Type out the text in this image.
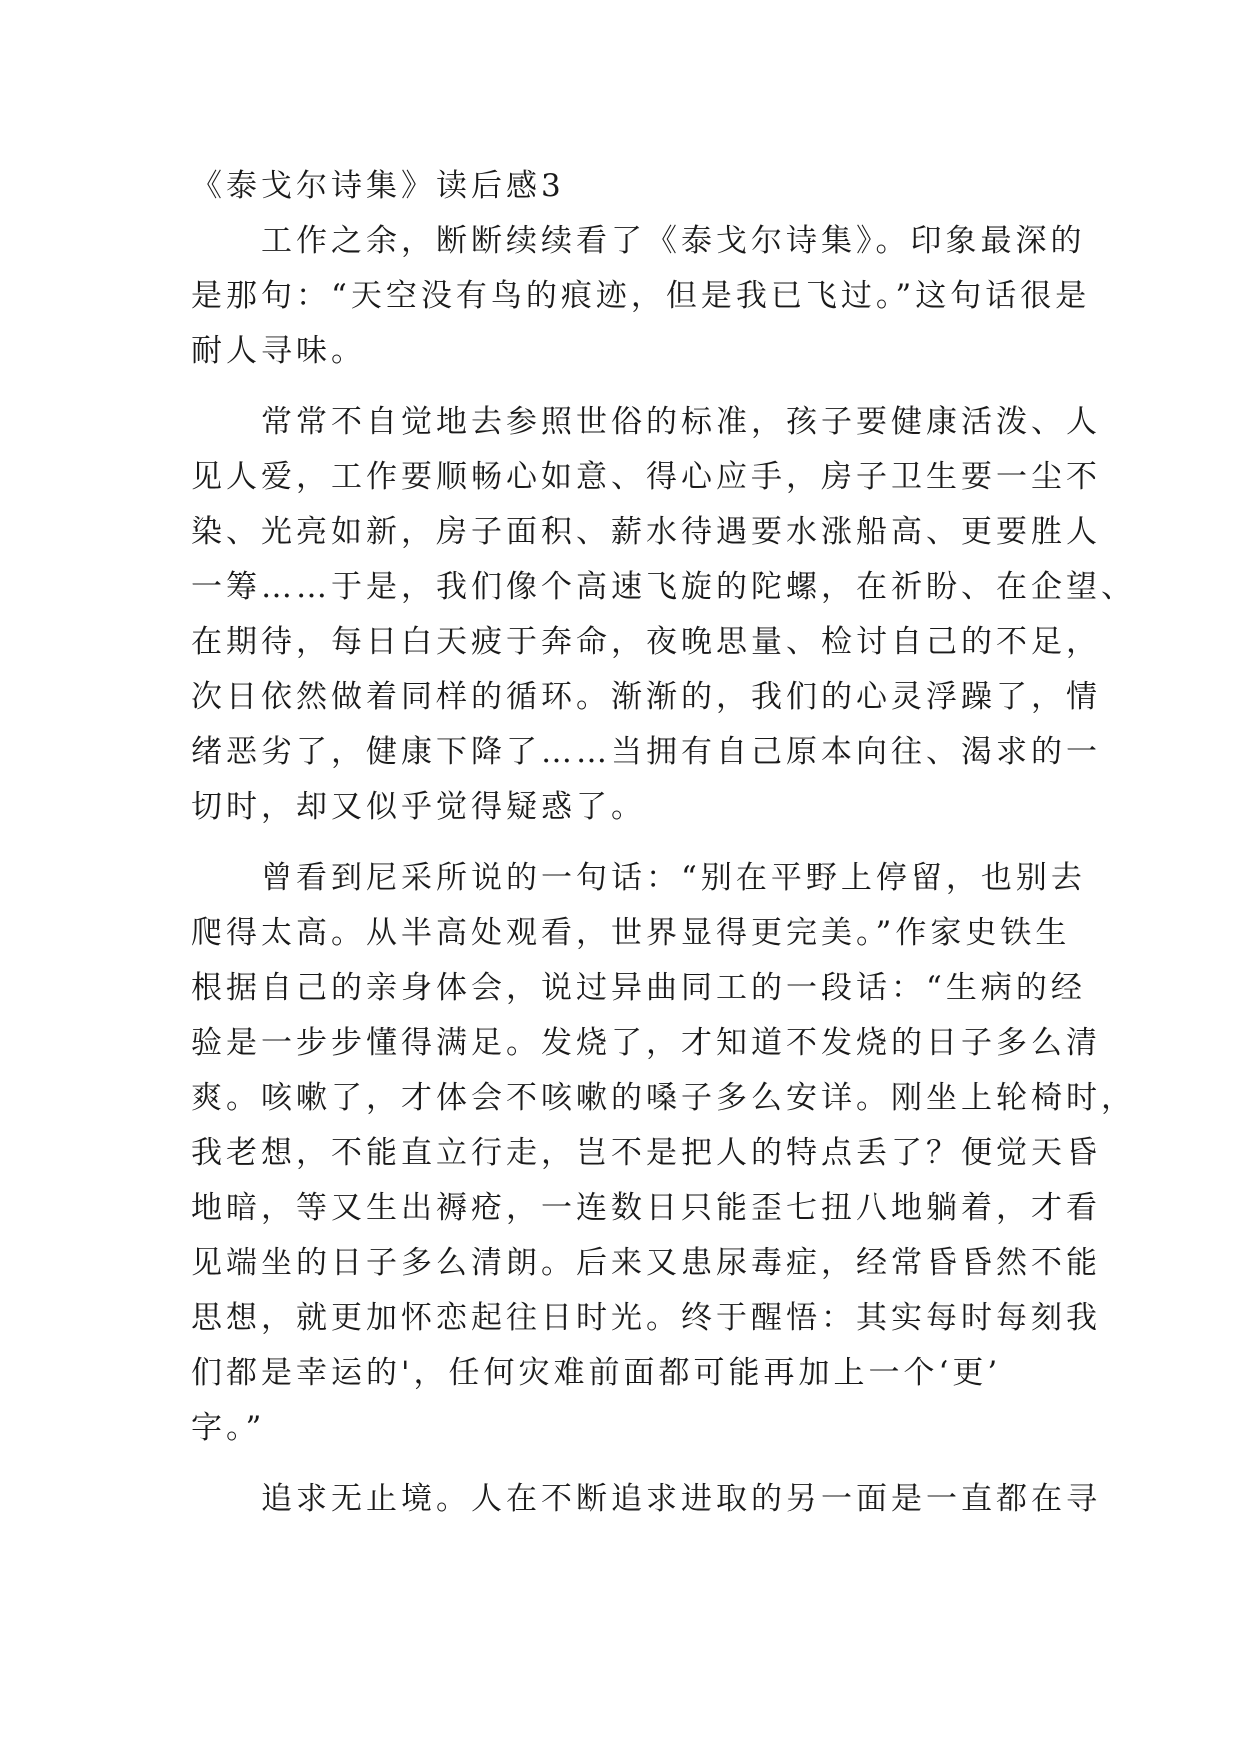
《泰戈尔诗集》读后感3
　　工作之余，断断续续看了《泰戈尔诗集》。印象最深的
是那句：“天空没有鸟的痕迹，但是我已飞过。”这句话很是
耐人寻味。
　　常常不自觉地去参照世俗的标准，孩子要健康活泼、人
见人爱，工作要顺畅心如意、得心应手，房子卫生要一尘不
染、光亮如新，房子面积、薪水待遇要水涨船高、更要胜人
一筹……于是，我们像个高速飞旋的陀螺，在祈盼、在企望、
在期待，每日白天疲于奔命，夜晚思量、检讨自己的不足，
次日依然做着同样的循环。渐渐的，我们的心灵浮躁了，情
绪恶劣了，健康下降了……当拥有自己原本向往、渴求的一
切时，却又似乎觉得疑惑了。
　　曾看到尼采所说的一句话：“别在平野上停留，也别去
爬得太高。从半高处观看，世界显得更完美。”作家史铁生
根据自己的亲身体会，说过异曲同工的一段话：“生病的经
验是一步步懂得满足。发烧了，才知道不发烧的日子多么清
爽。咳嗽了，才体会不咳嗽的嗓子多么安详。刚坐上轮椅时，
我老想，不能直立行走，岂不是把人的特点丢了？便觉天昏
地暗，等又生出褥疮，一连数日只能歪七扭八地躺着，才看
见端坐的日子多么清朗。后来又患尿毒症，经常昏昏然不能
思想，就更加怀恋起往日时光。终于醒悟：其实每时每刻我
们都是幸运的'，任何灾难前面都可能再加上一个‘更’
字。”
　　追求无止境。人在不断追求进取的另一面是一直都在寻
